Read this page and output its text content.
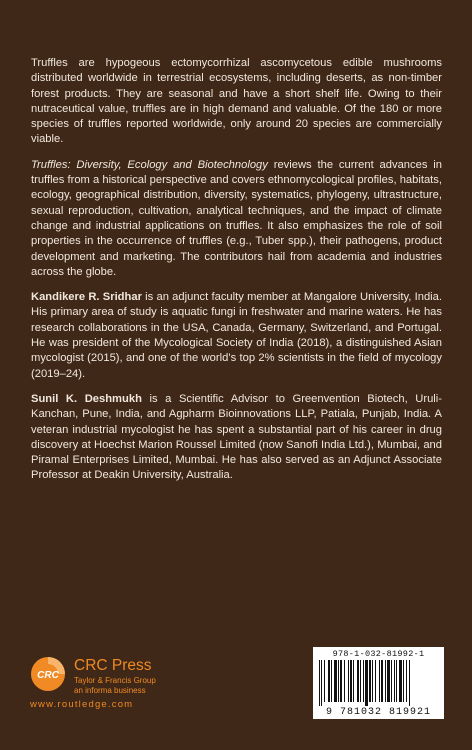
Truffles are hypogeous ectomycorrhizal ascomycetous edible mushrooms distributed worldwide in terrestrial ecosystems, including deserts, as non-timber forest products. They are seasonal and have a short shelf life. Owing to their nutraceutical value, truffles are in high demand and valuable. Of the 180 or more species of truffles reported worldwide, only around 20 species are commercially viable.

Truffles: Diversity, Ecology and Biotechnology reviews the current advances in truffles from a historical perspective and covers ethnomycological profiles, habitats, ecology, geographical distribution, diversity, systematics, phylogeny, ultrastructure, sexual reproduction, cultivation, analytical techniques, and the impact of climate change and industrial applications on truffles. It also emphasizes the role of soil properties in the occurrence of truffles (e.g., Tuber spp.), their pathogens, product development and marketing. The contributors hail from academia and industries across the globe.

Kandikere R. Sridhar is an adjunct faculty member at Mangalore University, India. His primary area of study is aquatic fungi in freshwater and marine waters. He has research collaborations in the USA, Canada, Germany, Switzerland, and Portugal. He was president of the Mycological Society of India (2018), a distinguished Asian mycologist (2015), and one of the world’s top 2% scientists in the field of mycology (2019–24).

Sunil K. Deshmukh is a Scientific Advisor to Greenvention Biotech, Uruli-Kanchan, Pune, India, and Agpharm Bioinnovations LLP, Patiala, Punjab, India. A veteran industrial mycologist he has spent a substantial part of his career in drug discovery at Hoechst Marion Roussel Limited (now Sanofi India Ltd.), Mumbai, and Piramal Enterprises Limited, Mumbai. He has also served as an Adjunct Associate Professor at Deakin University, Australia.

CRC
CRC Press
Taylor & Francis Group
an informa business
www.routledge.com
978-1-032-81992-1
9 781032 819921
